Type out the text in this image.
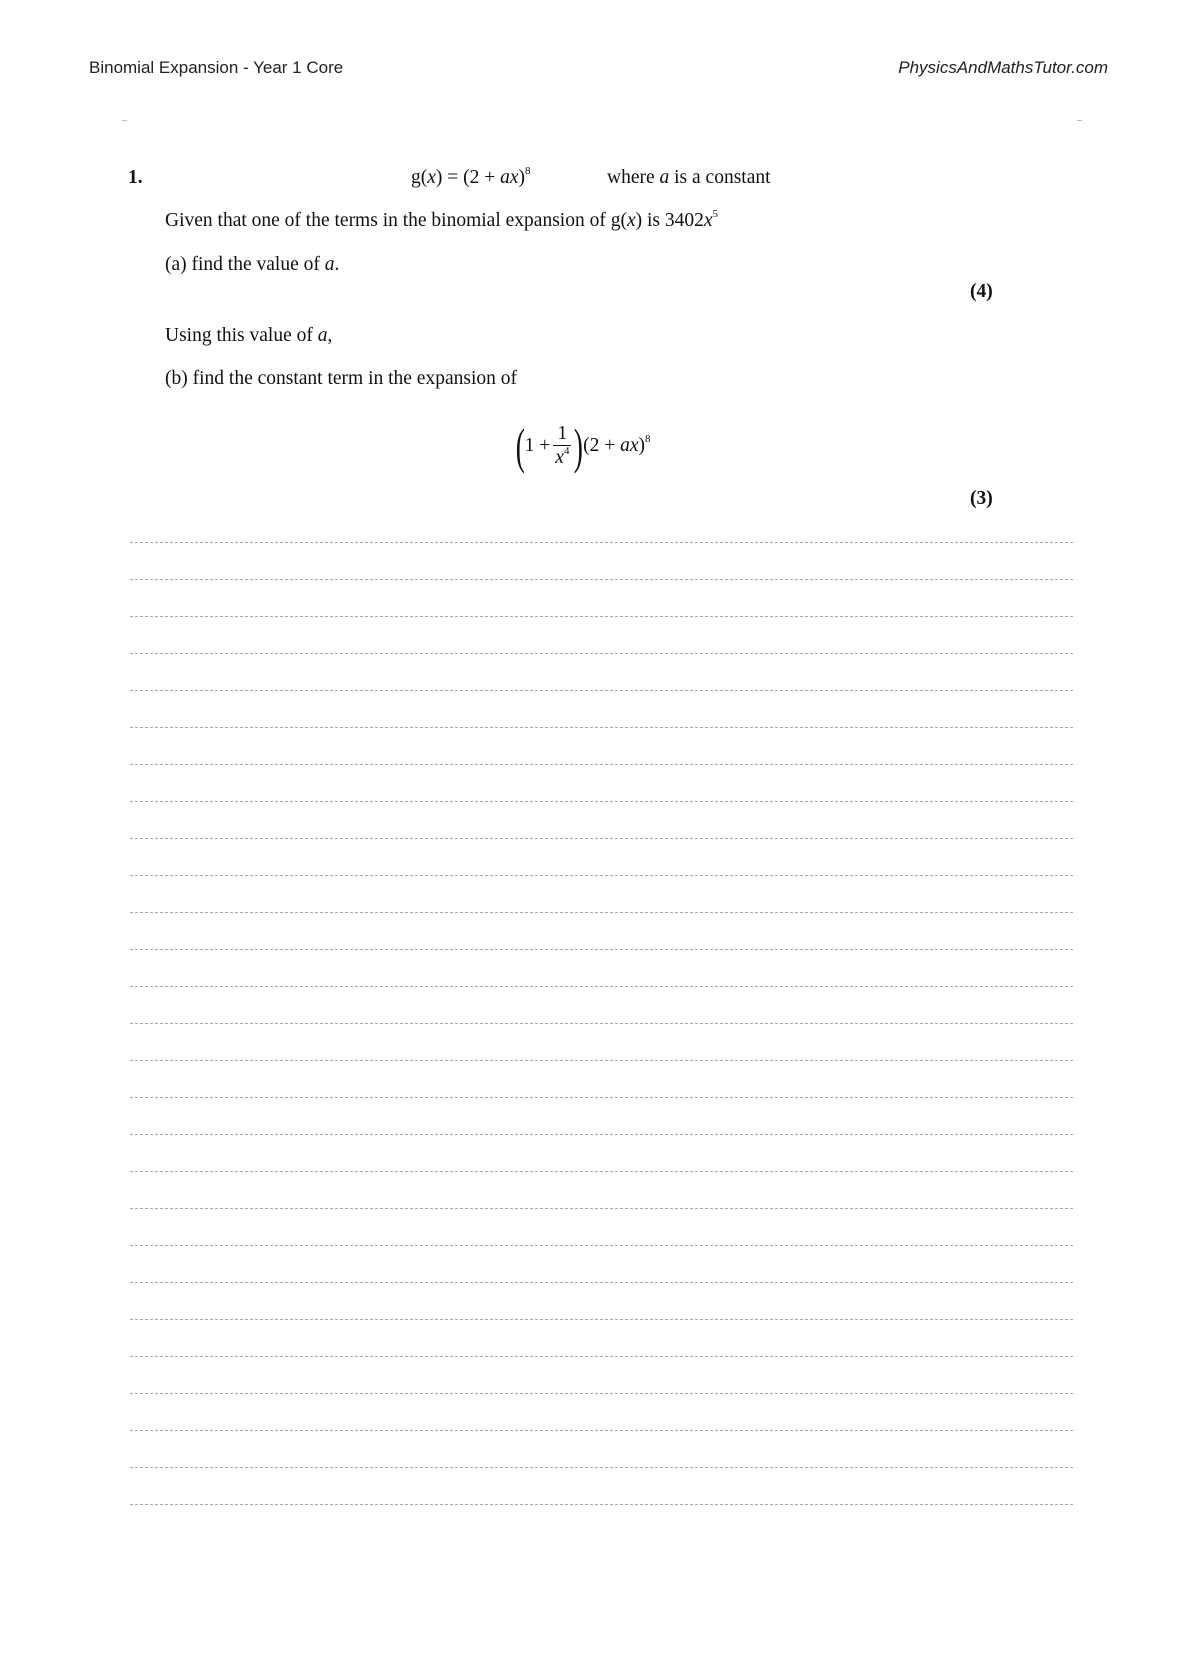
Binomial Expansion - Year 1 Core	PhysicsAndMathsTutor.com
1.	g(x) = (2 + ax)$^8$	where a is a constant
Given that one of the terms in the binomial expansion of g(x) is $3402x^5$
(a) find the value of a.
(4)
Using this value of a,
(b) find the constant term in the expansion of
( $1 + \frac{1}{x^4}$ ) (2 + ax)$^8$
(3)
